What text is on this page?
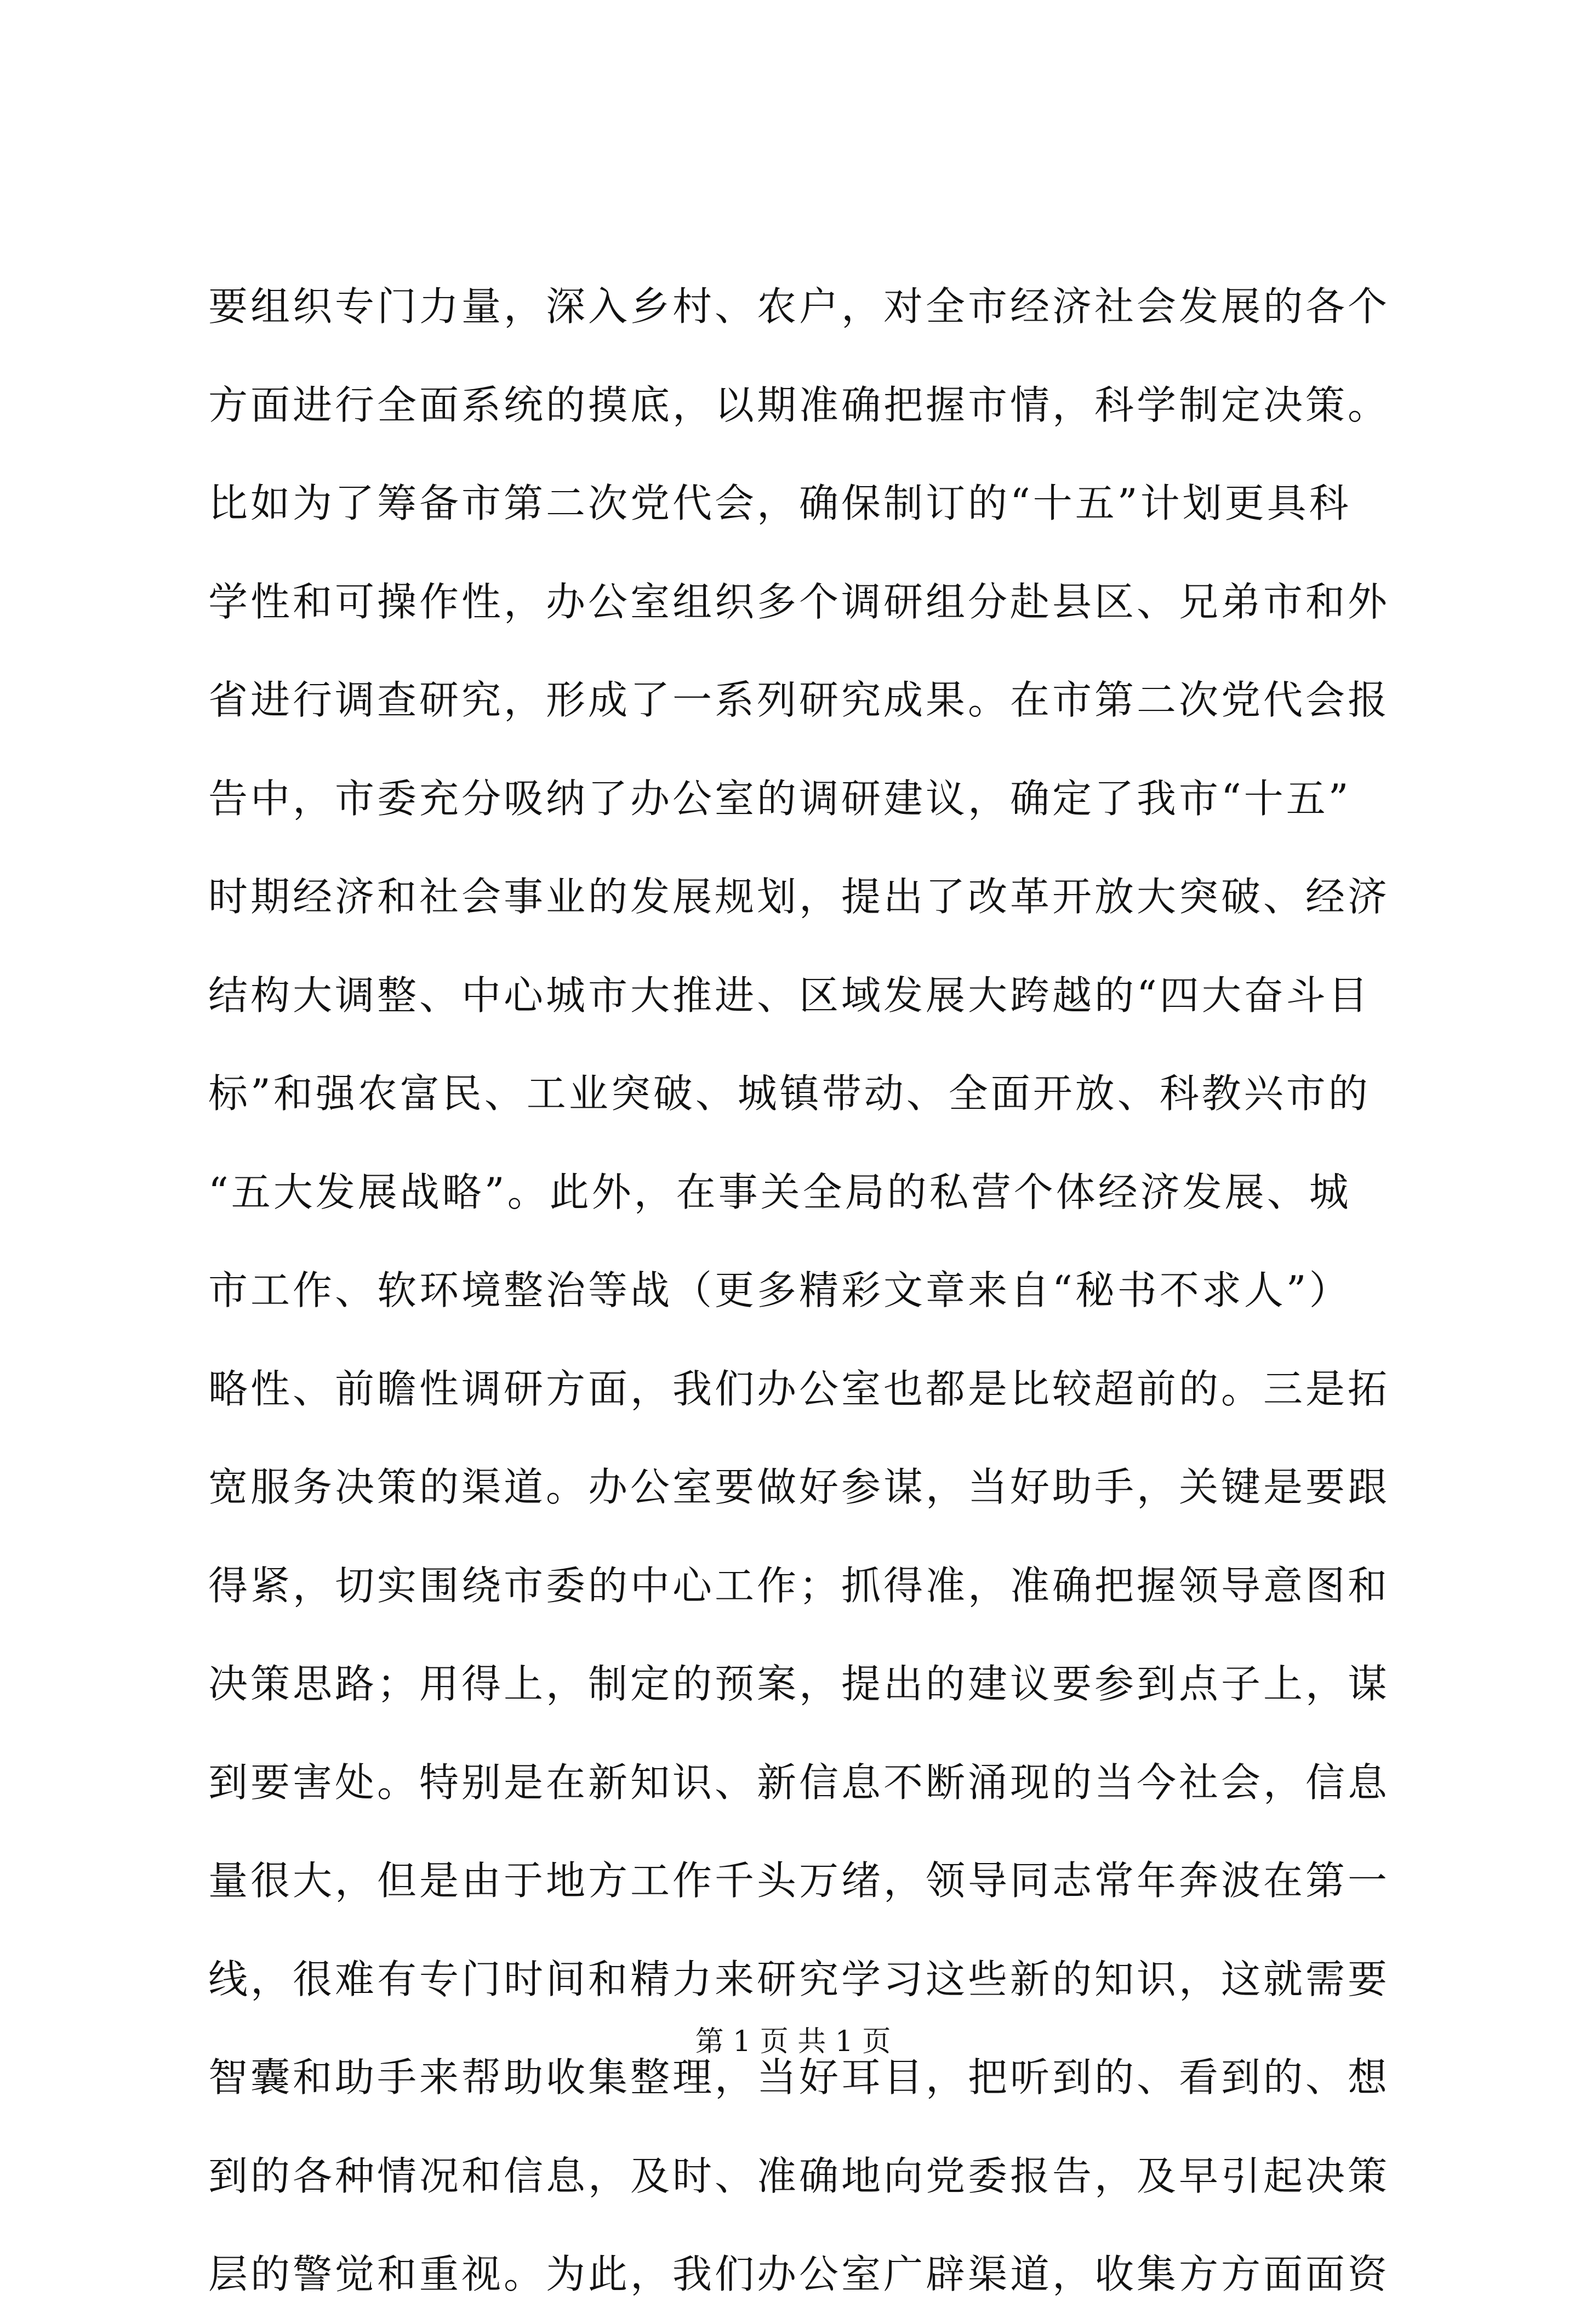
要组织专门力量，深入乡村、农户，对全市经济社会发展的各个
方面进行全面系统的摸底，以期准确把握市情，科学制定决策。
比如为了筹备市第二次党代会，确保制订的“十五”计划更具科
学性和可操作性，办公室组织多个调研组分赴县区、兄弟市和外
省进行调查研究，形成了一系列研究成果。在市第二次党代会报
告中，市委充分吸纳了办公室的调研建议，确定了我市“十五”
时期经济和社会事业的发展规划，提出了改革开放大突破、经济
结构大调整、中心城市大推进、区域发展大跨越的“四大奋斗目
标”和强农富民、工业突破、城镇带动、全面开放、科教兴市的
“五大发展战略”。此外，在事关全局的私营个体经济发展、城
市工作、软环境整治等战（更多精彩文章来自“秘书不求人”）
略性、前瞻性调研方面，我们办公室也都是比较超前的。三是拓
宽服务决策的渠道。办公室要做好参谋，当好助手，关键是要跟
得紧，切实围绕市委的中心工作；抓得准，准确把握领导意图和
决策思路；用得上，制定的预案，提出的建议要参到点子上，谋
到要害处。特别是在新知识、新信息不断涌现的当今社会，信息
量很大，但是由于地方工作千头万绪，领导同志常年奔波在第一
线，很难有专门时间和精力来研究学习这些新的知识，这就需要
智囊和助手来帮助收集整理，当好耳目，把听到的、看到的、想
到的各种情况和信息，及时、准确地向党委报告，及早引起决策
层的警觉和重视。为此，我们办公室广辟渠道，收集方方面面资
第 1 页 共 1 页
